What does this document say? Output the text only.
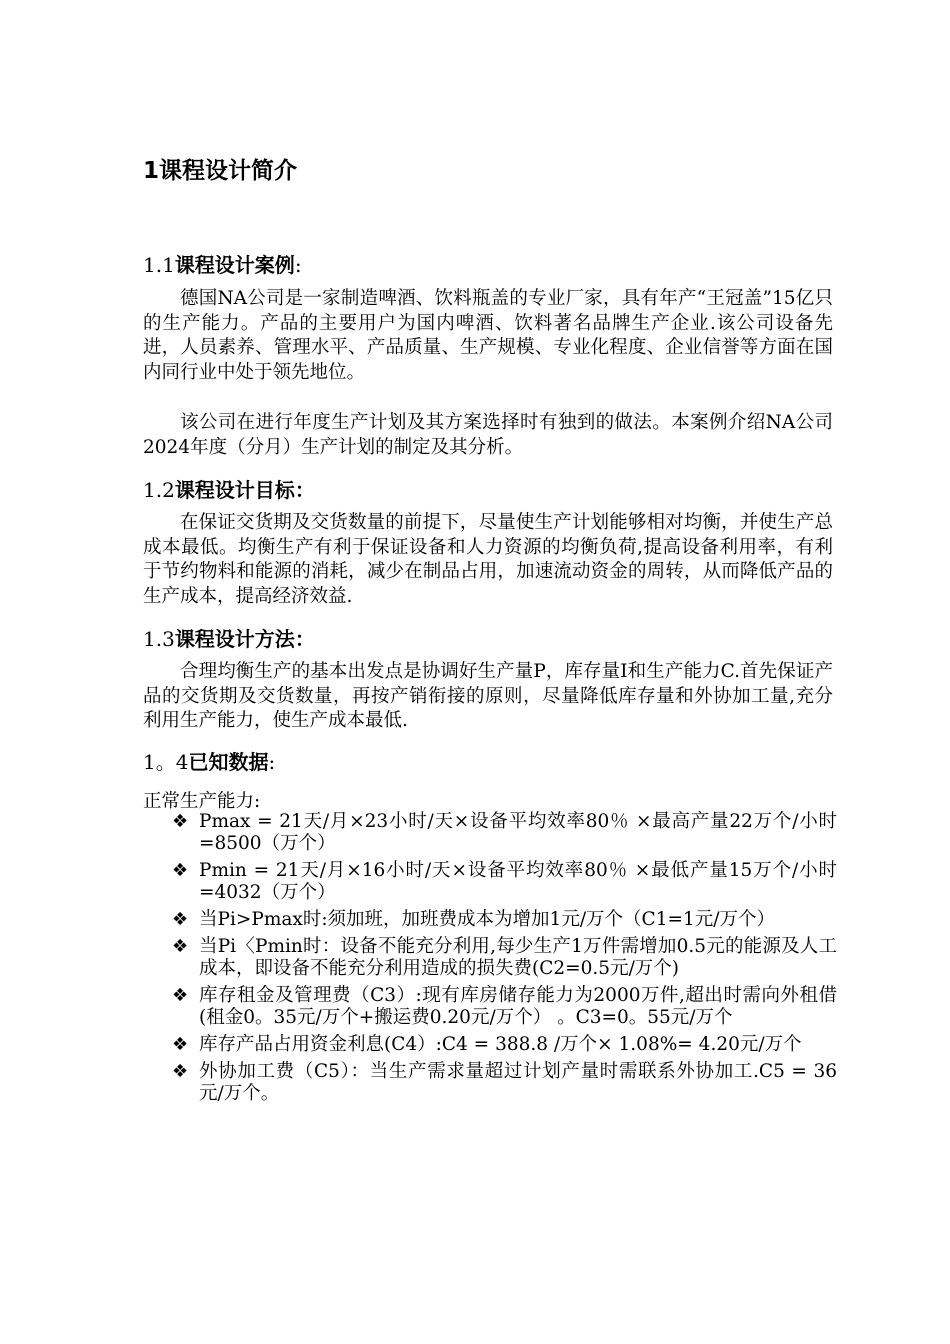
1课程设计简介
1.1课程设计案例:
德国NA公司是一家制造啤酒、饮料瓶盖的专业厂家，具有年产“王冠盖”15亿只的生产能力。产品的主要用户为国内啤酒、饮料著名品牌生产企业.该公司设备先进，人员素养、管理水平、产品质量、生产规模、专业化程度、企业信誉等方面在国内同行业中处于领先地位。
该公司在进行年度生产计划及其方案选择时有独到的做法。本案例介绍NA公司2024年度（分月）生产计划的制定及其分析。
1.2课程设计目标：
在保证交货期及交货数量的前提下，尽量使生产计划能够相对均衡，并使生产总成本最低。均衡生产有利于保证设备和人力资源的均衡负荷,提高设备利用率，有利于节约物料和能源的消耗，减少在制品占用，加速流动资金的周转，从而降低产品的生产成本，提高经济效益.
1.3课程设计方法：
合理均衡生产的基本出发点是协调好生产量P，库存量I和生产能力C.首先保证产品的交货期及交货数量，再按产销衔接的原则，尽量降低库存量和外协加工量,充分利用生产能力，使生产成本最低.
1。4已知数据:
正常生产能力:
❖ Pmax = 21天/月×23小时/天×设备平均效率80％ ×最高产量22万个/小时=8500（万个）
❖ Pmin = 21天/月×16小时/天×设备平均效率80％ ×最低产量15万个/小时=4032（万个）
❖ 当Pi>Pmax时:须加班，加班费成本为增加1元/万个（C1=1元/万个）
❖ 当Pi〈Pmin时：设备不能充分利用,每少生产1万件需增加0.5元的能源及人工成本，即设备不能充分利用造成的损失费(C2=0.5元/万个)
❖ 库存租金及管理费（C3）:现有库房储存能力为2000万件,超出时需向外租借(租金0。35元/万个+搬运费0.20元/万个） 。C3=0。55元/万个
❖ 库存产品占用资金利息(C4）:C4 = 388.8 /万个× 1.08%= 4.20元/万个
❖ 外协加工费（C5）：当生产需求量超过计划产量时需联系外协加工.C5 = 36元/万个。
